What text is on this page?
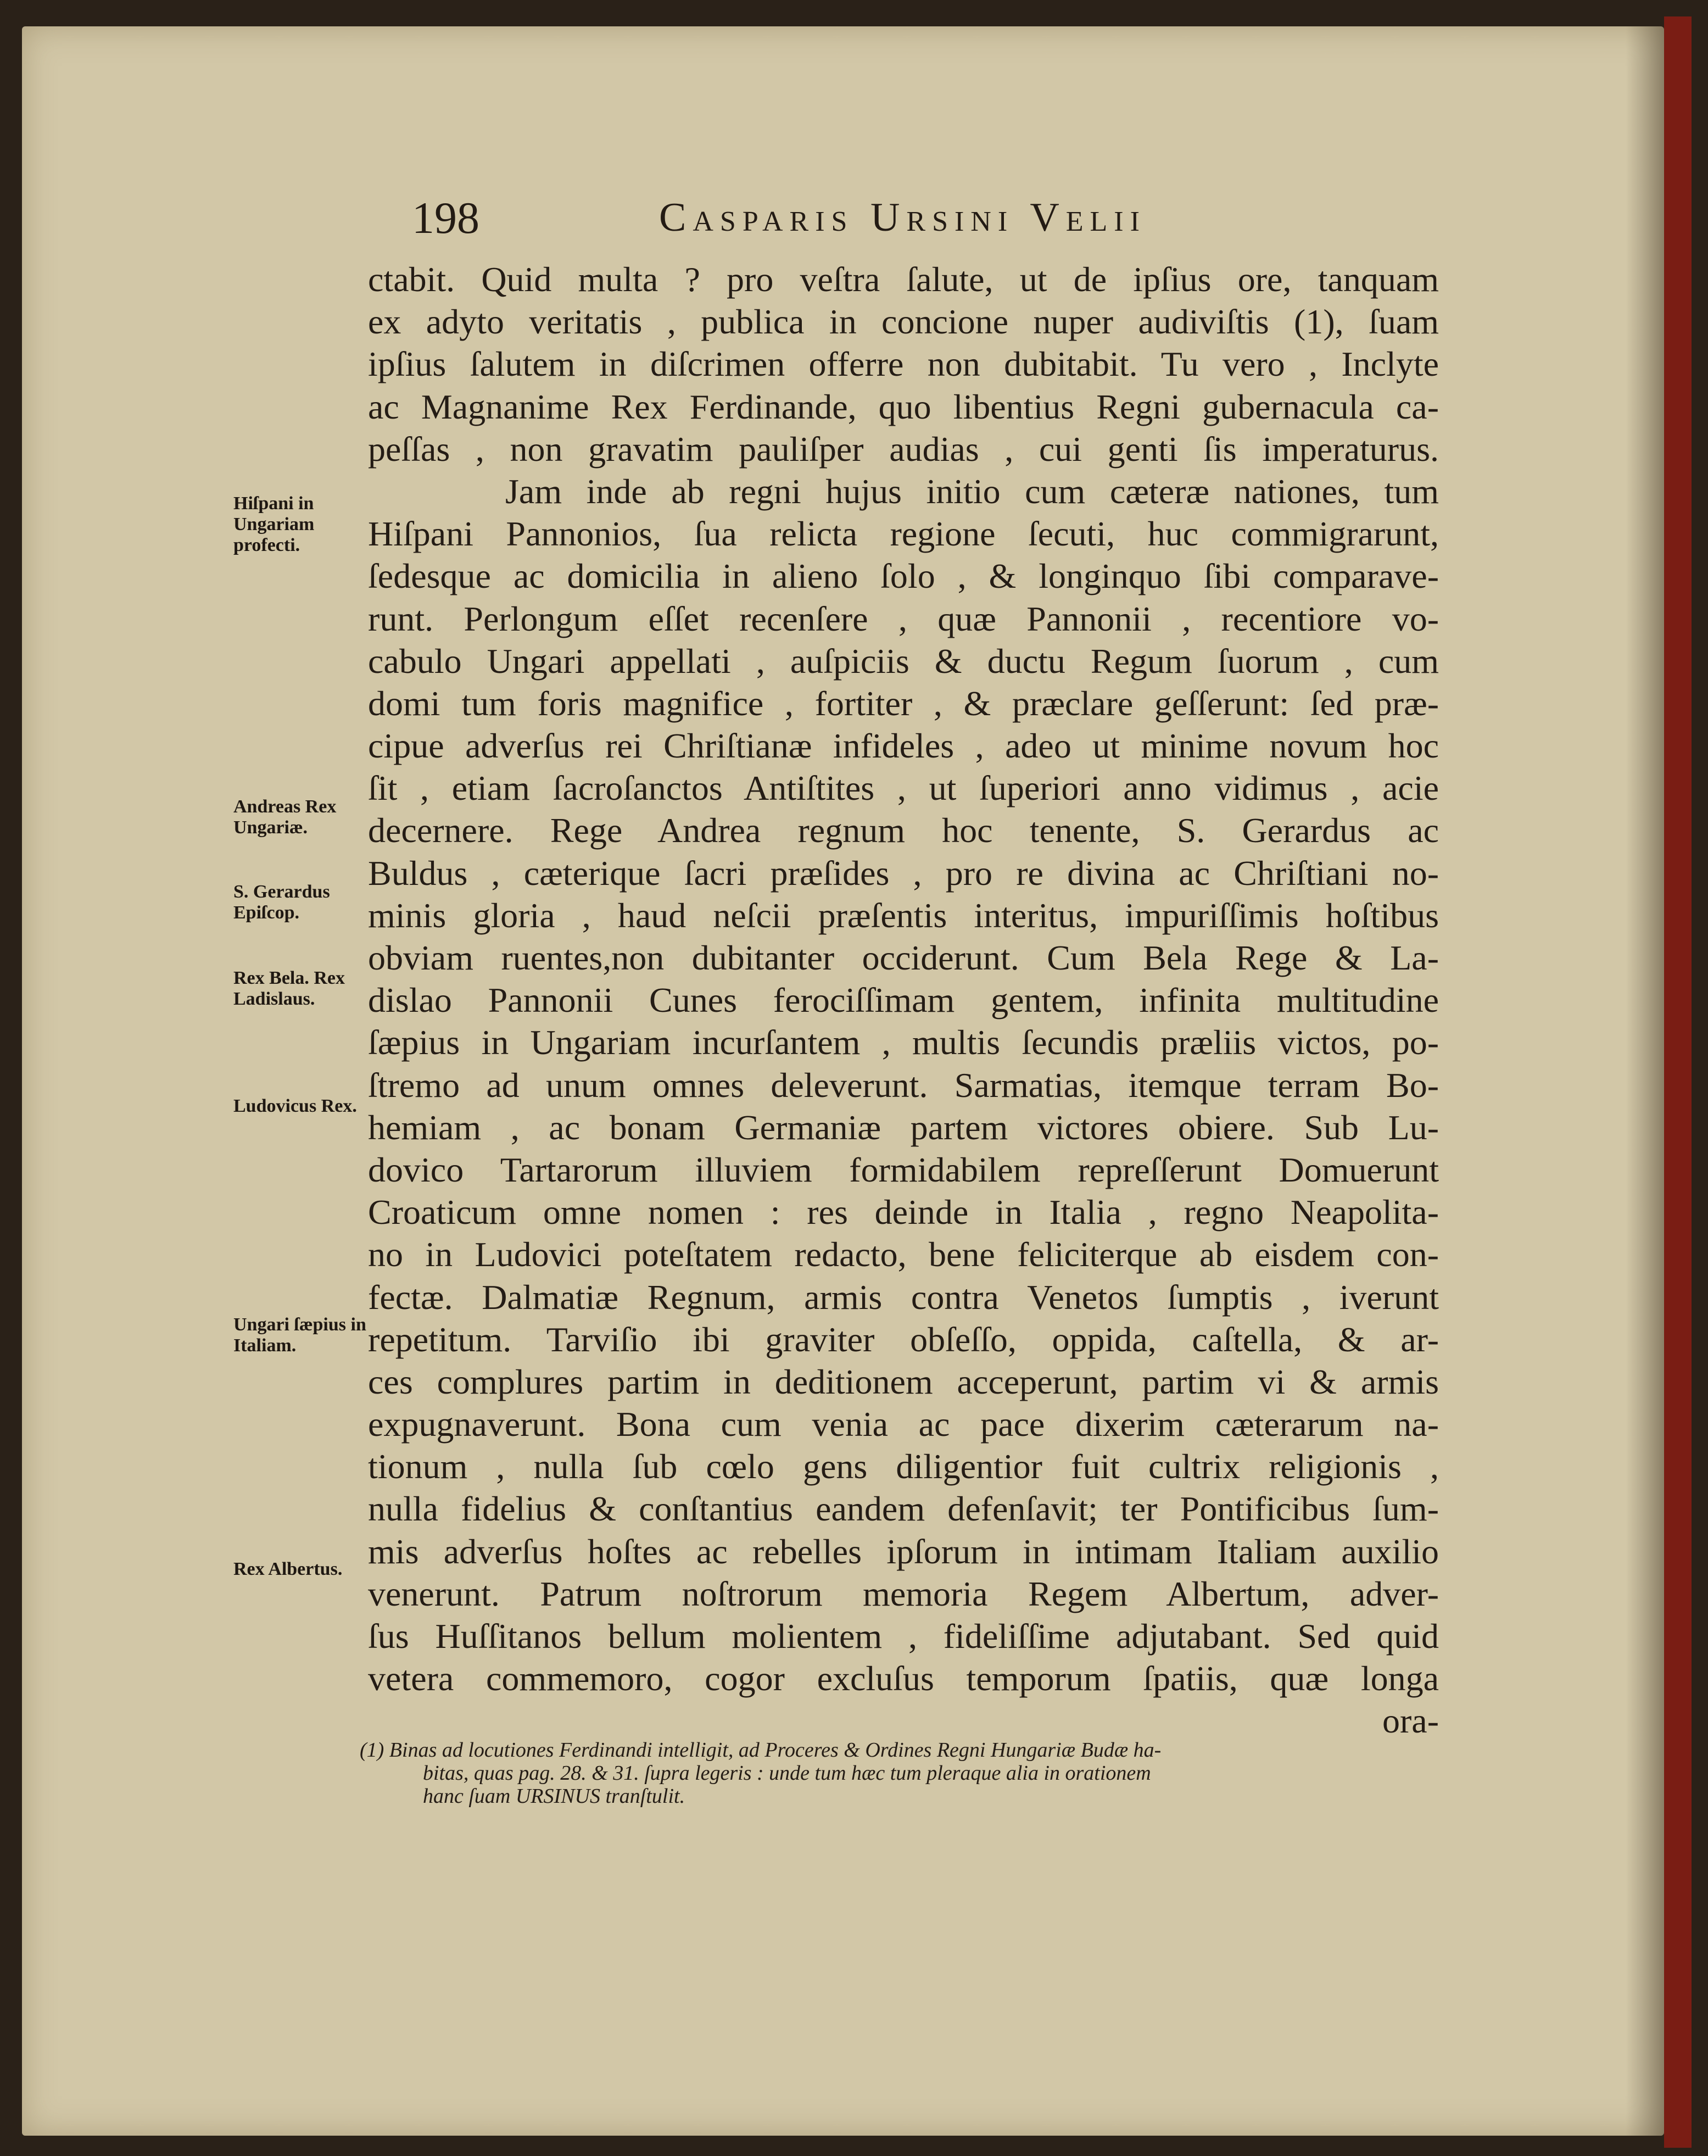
198	Casparis Ursini Velii
ctabit. Quid multa ? pro veſtra ſalute, ut de ipſius ore, tanquam
ex adyto veritatis , publica in concione nuper audiviſtis (1), ſuam
ipſius ſalutem in diſcrimen offerre non dubitabit. Tu vero , Inclyte
ac Magnanime Rex Ferdinande, quo libentius Regni gubernacula ca-
peſſas , non gravatim pauliſper audias , cui genti ſis imperaturus.
Jam inde ab regni hujus initio cum cæteræ nationes, tum
Hiſpani Pannonios, ſua relicta regione ſecuti, huc commigrarunt,
ſedesque ac domicilia in alieno ſolo , & longinquo ſibi comparave-
runt. Perlongum eſſet recenſere , quæ Pannonii , recentiore vo-
cabulo Ungari appellati , auſpiciis & ductu Regum ſuorum , cum
domi tum foris magnifice , fortiter , & præclare geſſerunt: ſed præ-
cipue adverſus rei Chriſtianæ infideles , adeo ut minime novum hoc
ſit , etiam ſacroſanctos Antiſtites , ut ſuperiori anno vidimus , acie
decernere. Rege Andrea regnum hoc tenente, S. Gerardus ac
Buldus , cæterique ſacri præſides , pro re divina ac Chriſtiani no-
minis gloria , haud neſcii præſentis interitus, impuriſſimis hoſtibus
obviam ruentes,non dubitanter occiderunt. Cum Bela Rege & La-
dislao Pannonii Cunes ferociſſimam gentem, infinita multitudine
ſæpius in Ungariam incurſantem , multis ſecundis præliis victos, po-
ſtremo ad unum omnes deleverunt. Sarmatias, itemque terram Bo-
hemiam , ac bonam Germaniæ partem victores obiere. Sub Lu-
dovico Tartarorum illuviem formidabilem repreſſerunt Domuerunt
Croaticum omne nomen : res deinde in Italia , regno Neapolita-
no in Ludovici poteſtatem redacto, bene feliciterque ab eisdem con-
fectæ. Dalmatiæ Regnum, armis contra Venetos ſumptis , iverunt
repetitum. Tarviſio ibi graviter obſeſſo, oppida, caſtella, & ar-
ces complures partim in deditionem acceperunt, partim vi & armis
expugnaverunt. Bona cum venia ac pace dixerim cæterarum na-
tionum , nulla ſub cœlo gens diligentior fuit cultrix religionis ,
nulla fidelius & conſtantius eandem defenſavit; ter Pontificibus ſum-
mis adverſus hoſtes ac rebelles ipſorum in intimam Italiam auxilio
venerunt. Patrum noſtrorum memoria Regem Albertum, adver-
ſus Huſſitanos bellum molientem , fideliſſime adjutabant. Sed quid
vetera commemoro, cogor excluſus temporum ſpatiis, quæ longa
ora-
Hiſpani in Ungariam profecti.
Andreas Rex Ungariæ.
S. Gerardus Epiſcop.
Rex Bela. Rex Ladislaus.
Ludovicus Rex.
Ungari ſæpius in Italiam.
Rex Albertus.
(1) Binas ad locutiones Ferdinandi intelligit, ad Proceres & Ordines Regni Hungariæ Budæ ha-
bitas, quas pag. 28. & 31. ſupra legeris : unde tum hæc tum pleraque alia in orationem
hanc ſuam URSINUS tranſtulit.
